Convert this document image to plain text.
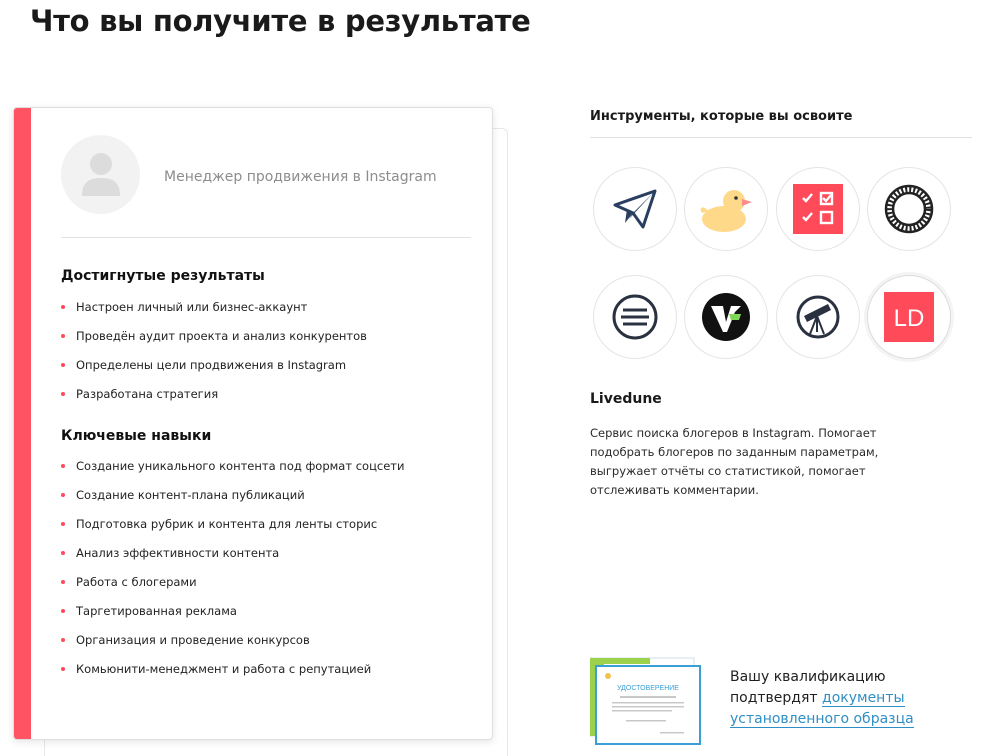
Что вы получите в результате
Менеджер продвижения в Instagram
Достигнутые результаты
Настроен личный или бизнес-аккаунт
Проведён аудит проекта и анализ конкурентов
Определены цели продвижения в Instagram
Разработана стратегия
Ключевые навыки
Создание уникального контента под формат соцсети
Создание контент-плана публикаций
Подготовка рубрик и контента для ленты сторис
Анализ эффективности контента
Работа с блогерами
Таргетированная реклама
Организация и проведение конкурсов
Комьюнити-менеджмент и работа с репутацией
Инструменты, которые вы освоите
LD
Livedune
Сервис поиска блогеров в Instagram. Помогает подобрать блогеров по заданным параметрам, выгружает отчёты со статистикой, помогает отслеживать комментарии.
УДОСТОВЕРЕНИЕ
Вашу квалификацию подтвердят документы установленного образца
